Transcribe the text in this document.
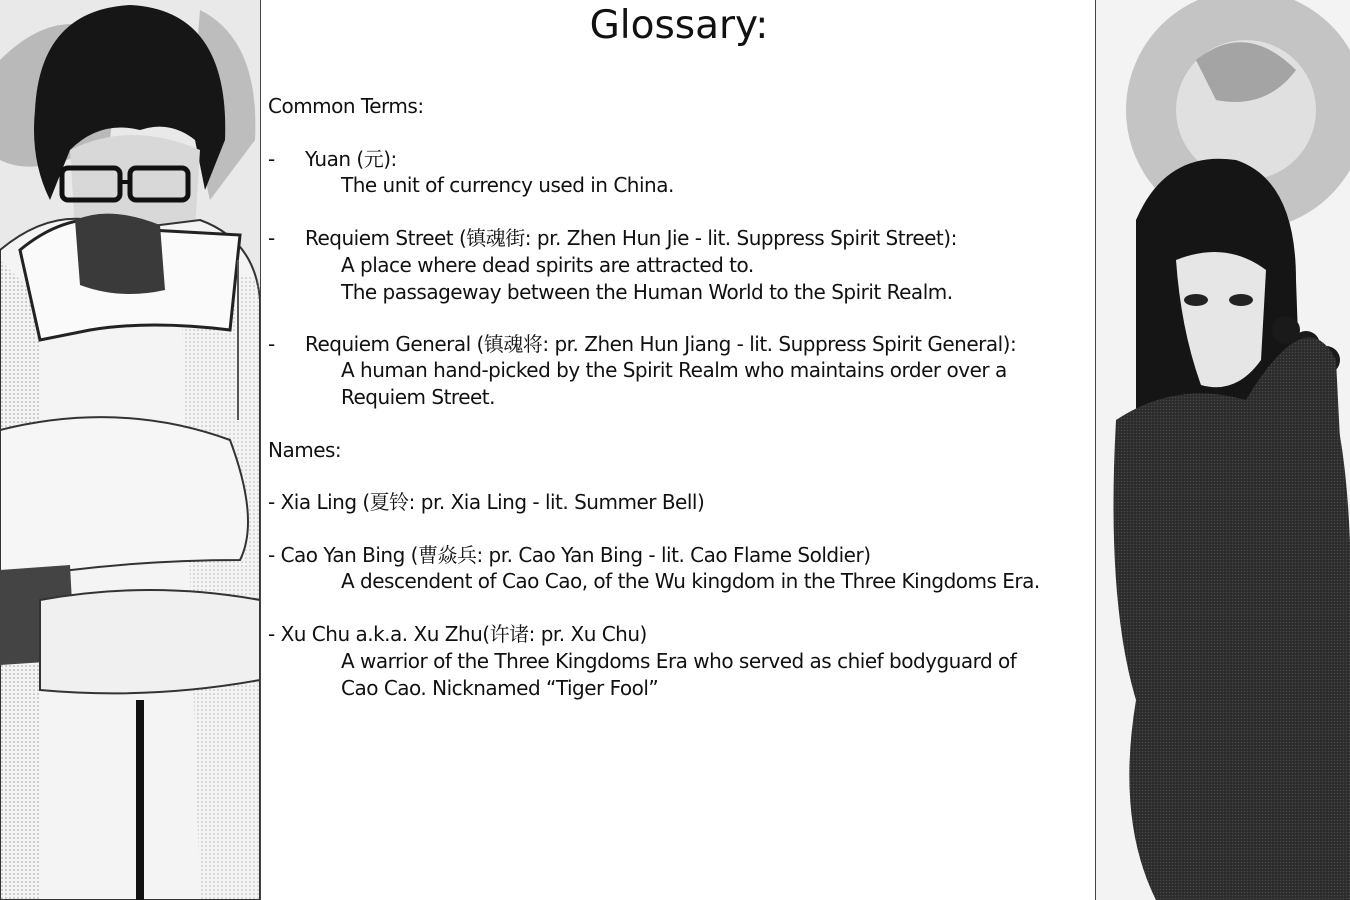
Glossary:
Common Terms:
- Yuan (元):
The unit of currency used in China.
- Requiem Street (镇魂街: pr. Zhen Hun Jie - lit. Suppress Spirit Street):
A place where dead spirits are attracted to.
The passageway between the Human World to the Spirit Realm.
- Requiem General (镇魂将: pr. Zhen Hun Jiang - lit. Suppress Spirit General):
A human hand-picked by the Spirit Realm who maintains order over a
Requiem Street.
Names:
- Xia Ling (夏铃: pr. Xia Ling - lit. Summer Bell)
- Cao Yan Bing (曹焱兵: pr. Cao Yan Bing - lit. Cao Flame Soldier)
A descendent of Cao Cao, of the Wu kingdom in the Three Kingdoms Era.
- Xu Chu a.k.a. Xu Zhu(许诸: pr. Xu Chu)
A warrior of the Three Kingdoms Era who served as chief bodyguard of
Cao Cao. Nicknamed “Tiger Fool”
